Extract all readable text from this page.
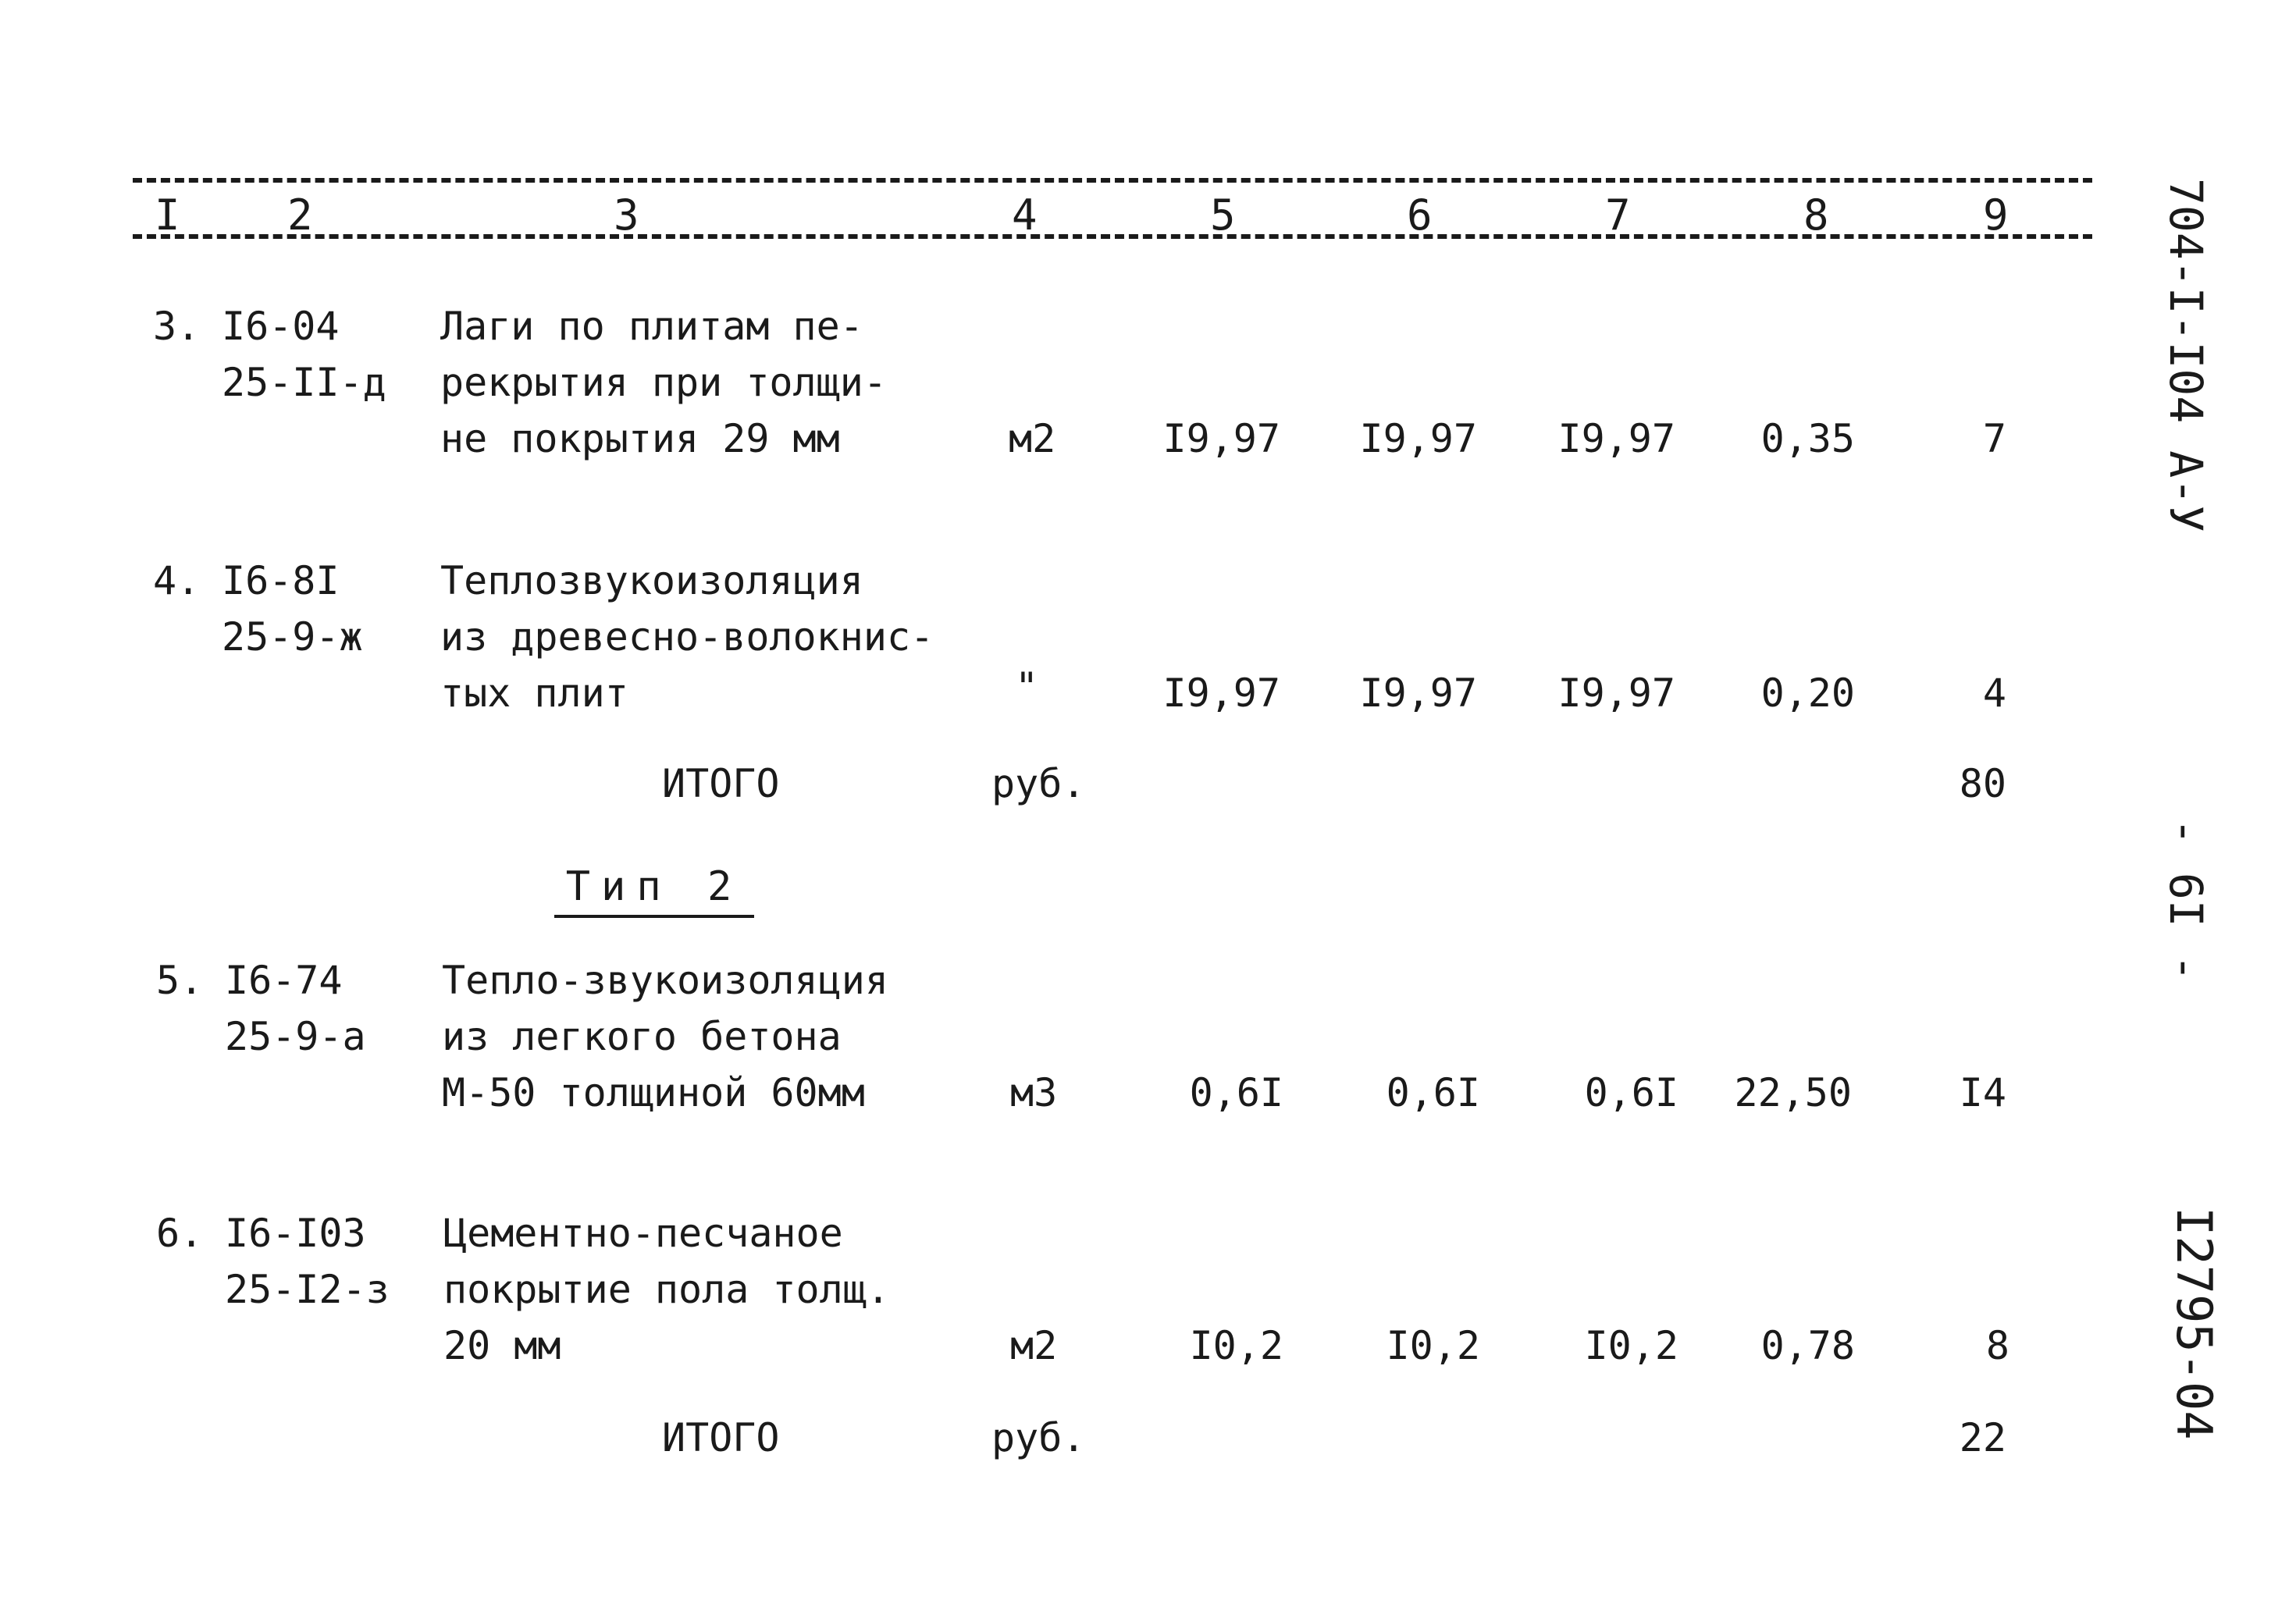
I	2	3	4	5	6	7	8	9
3. I6-04
25-II-д
Лаги по плитам пе-
рекрытия при толщи-
не покрытия 29 мм	м2	I9,97	I9,97	I9,97	0,35	7
4. I6-8I
25-9-ж
Теплозвукоизоляция
из древесно-волокнис-
тых плит	"	I9,97	I9,97	I9,97	0,20	4
ИТОГО	руб.	80
Тип 2
5. I6-74
25-9-а
Тепло-звукоизоляция
из легкого бетона
М-50 толщиной 60мм	м3	0,6I	0,6I	0,6I	22,50	I4
6. I6-I03
25-I2-з
Цементно-песчаное
покрытие пола толщ.
20 мм	м2	I0,2	I0,2	I0,2	0,78	8
ИТОГО	руб.	22
704-I-I04 А-У
- 6I -
I2795-04
